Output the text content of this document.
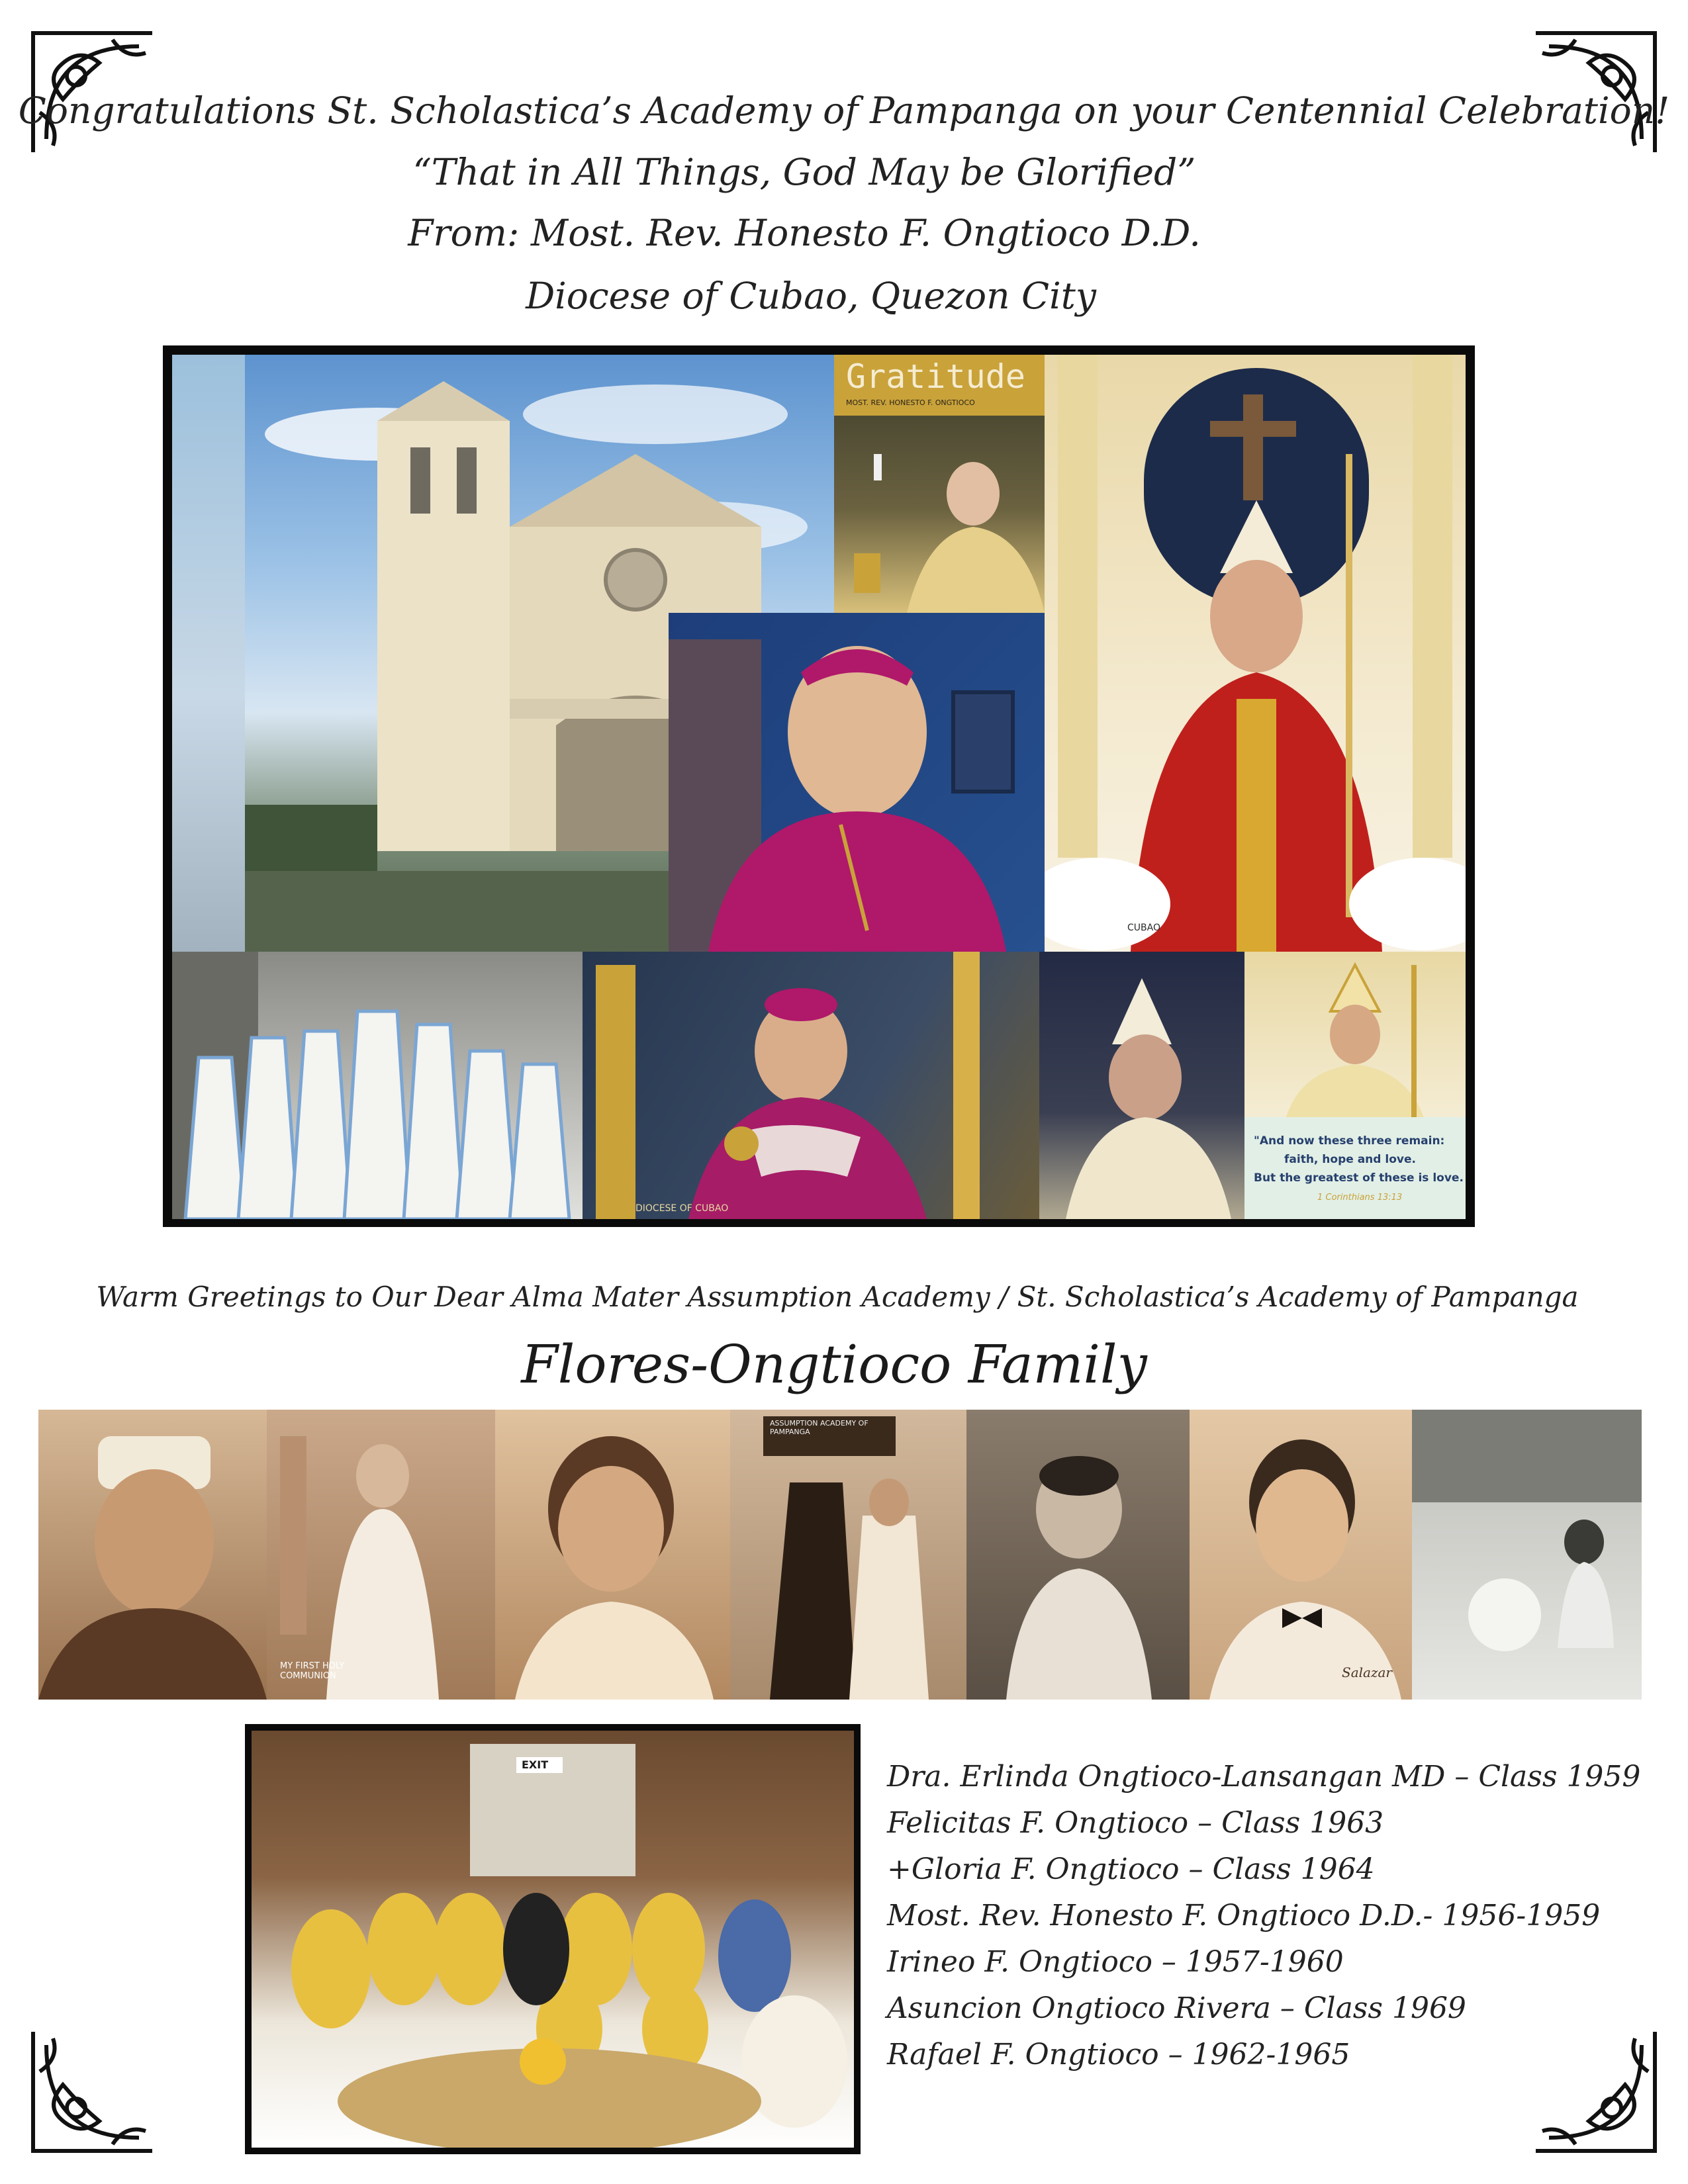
Congratulations St. Scholastica’s Academy of Pampanga on your Centennial Celebration!
“That in All Things, God May be Glorified”
From: Most. Rev. Honesto F. Ongtioco D.D.
Diocese of Cubao, Quezon City
Gratitude
MOST. REV. HONESTO F. ONGTIOCO
CUBAO
DIOCESE OF CUBAO
"And now these three remain:
faith, hope and love.
But the greatest of these is love.
1 Corinthians 13:13
Warm Greetings to Our Dear Alma Mater Assumption Academy / St. Scholastica’s Academy of Pampanga
Flores-Ongtioco Family
MY FIRST HOLY COMMUNION
ASSUMPTION ACADEMY OF PAMPANGA
Salazar
EXIT	Dra. Erlinda Ongtioco-Lansangan MD – Class 1959
Felicitas F. Ongtioco – Class 1963
+Gloria F. Ongtioco – Class 1964
Most. Rev. Honesto F. Ongtioco D.D.- 1956-1959
Irineo F. Ongtioco – 1957-1960
Asuncion Ongtioco Rivera – Class 1969
Rafael F. Ongtioco – 1962-1965
